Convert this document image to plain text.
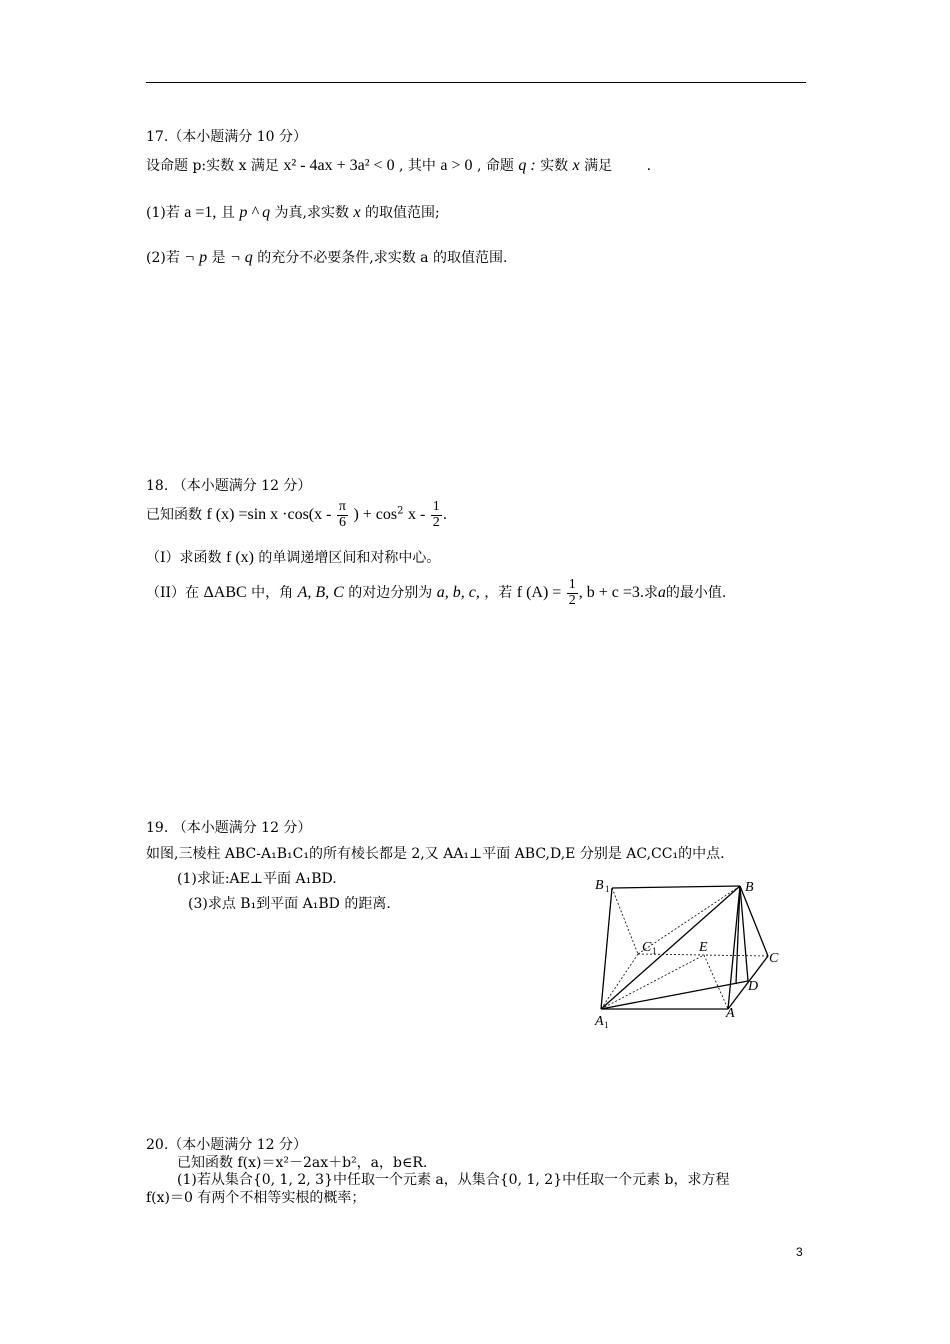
17.（本小题满分 10 分）
设命题 p:实数 x 满足 x² - 4ax + 3a² < 0 , 其中 a > 0 , 命题 q : 实数 x 满足 .
(1)若 a =1, 且 p ^ q 为真,求实数 x 的取值范围;
(2)若 ¬ p 是 ¬ q 的充分不必要条件,求实数 a 的取值范围.
18. （本小题满分 12 分）
已知函数 f (x) =sin $x \cdot\cos(x - \frac{\pi}{6}$ ) + $\cos^2 x - \frac{1}{2}$ .
（I）求函数 f (x) 的单调递增区间和对称中心。
（II）在 ΔABC 中，角 A, B, C 的对边分别为 a, b, c, ，若 f $(A) = \frac{1}{2}$ , b + c =3.求a的最小值.
19. （本小题满分 12 分）
如图,三棱柱 ABC-A₁B₁C₁的所有棱长都是 2,又 AA₁⊥平面 ABC,D,E 分别是 AC,CC₁的中点.
(1)求证:AE⊥平面 A₁BD.
(3)求点 B₁到平面 A₁BD 的距离.
B 1
C 1	E
B
C
D
A 1
A
20.（本小题满分 12 分）
已知函数 f(x)＝x²－2ax＋b²，a，b∈R.
(1)若从集合{0, 1, 2, 3}中任取一个元素 a，从集合{0, 1, 2}中任取一个元素 b，求方程
f(x)＝0 有两个不相等实根的概率；
3
